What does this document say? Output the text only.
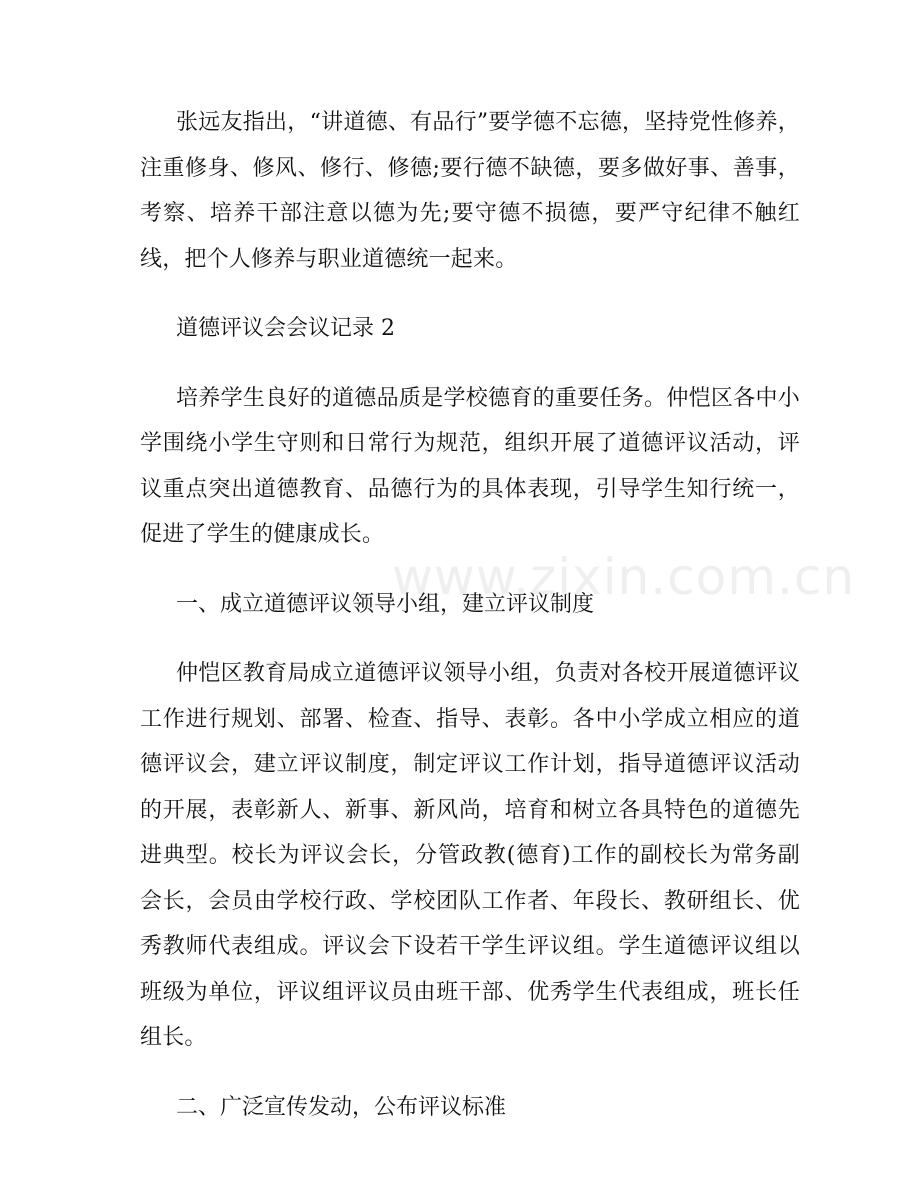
张远友指出，“讲道德、有品行”要学德不忘德，坚持党性修养，注重修身、修风、修行、修德;要行德不缺德，要多做好事、善事，考察、培养干部注意以德为先;要守德不损德，要严守纪律不触红线，把个人修养与职业道德统一起来。

道德评议会会议记录 2

培养学生良好的道德品质是学校德育的重要任务。仲恺区各中小学围绕小学生守则和日常行为规范，组织开展了道德评议活动，评议重点突出道德教育、品德行为的具体表现，引导学生知行统一，促进了学生的健康成长。

一、成立道德评议领导小组，建立评议制度

仲恺区教育局成立道德评议领导小组，负责对各校开展道德评议工作进行规划、部署、检查、指导、表彰。各中小学成立相应的道德评议会，建立评议制度，制定评议工作计划，指导道德评议活动的开展，表彰新人、新事、新风尚，培育和树立各具特色的道德先进典型。校长为评议会长，分管政教(德育)工作的副校长为常务副会长，会员由学校行政、学校团队工作者、年段长、教研组长、优秀教师代表组成。评议会下设若干学生评议组。学生道德评议组以班级为单位，评议组评议员由班干部、优秀学生代表组成，班长任组长。

二、广泛宣传发动，公布评议标准

www.zixin.com.cn
